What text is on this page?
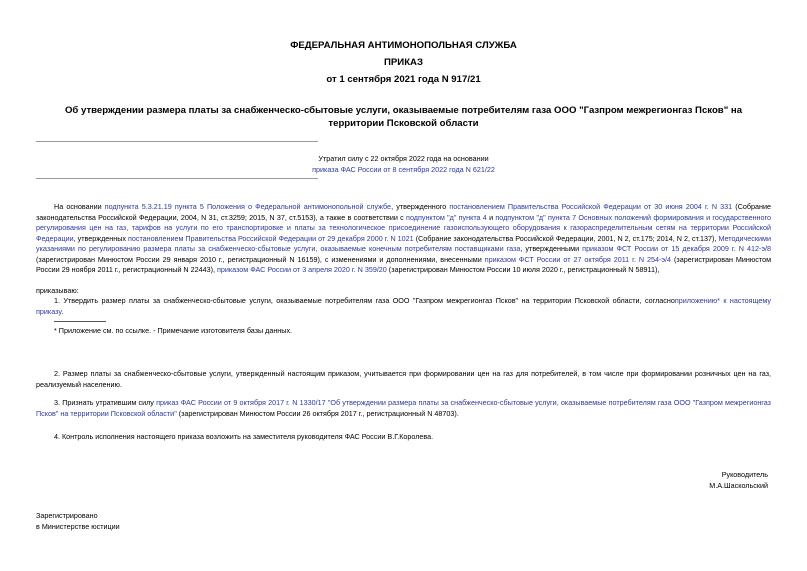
ФЕДЕРАЛЬНАЯ АНТИМОНОПОЛЬНАЯ СЛУЖБА
ПРИКАЗ
от 1 сентября 2021 года N 917/21
Об утверждении размера платы за снабженческо-сбытовые услуги, оказываемые потребителям газа ООО "Газпром межрегионгаз Псков" на территории Псковской области
Утратил силу с 22 октября 2022 года на основании
приказа ФАС России от 8 сентября 2022 года N 621/22
На основании подпункта 5.3.21.19 пункта 5 Положения о Федеральной антимонопольной службе, утвержденного постановлением Правительства Российской Федерации от 30 июня 2004 г. N 331 (Собрание законодательства Российской Федерации, 2004, N 31, ст.3259; 2015, N 37, ст.5153), а также в соответствии с подпунктом "д" пункта 4 и подпунктом "д" пункта 7 Основных положений формирования и государственного регулирования цен на газ, тарифов на услуги по его транспортировке и платы за технологическое присоединение газоиспользующего оборудования к газораспределительным сетям на территории Российской Федерации, утвержденных постановлением Правительства Российской Федерации от 29 декабря 2000 г. N 1021 (Собрание законодательства Российской Федерации, 2001, N 2, ст.175; 2014, N 2, ст.137), Методическими указаниями по регулированию размера платы за снабженческо-сбытовые услуги, оказываемые конечным потребителям поставщиками газа, утвержденными приказом ФСТ России от 15 декабря 2009 г. N 412-э/8 (зарегистрирован Минюстом России 29 января 2010 г., регистрационный N 16159), с изменениями и дополнениями, внесенными приказом ФСТ России от 27 октября 2011 г. N 254-э/4 (зарегистрирован Минюстом России 29 ноября 2011 г., регистрационный N 22443), приказом ФАС России от 3 апреля 2020 г. N 359/20 (зарегистрирован Минюстом России 10 июля 2020 г., регистрационный N 58911),
приказываю:
1. Утвердить размер платы за снабженческо-сбытовые услуги, оказываемые потребителям газа ООО "Газпром межрегионгаз Псков" на территории Псковской области, согласноприложению* к настоящему приказу.
* Приложение см. по ссылке. - Примечание изготовителя базы данных.
2. Размер платы за снабженческо-сбытовые услуги, утвержденный настоящим приказом, учитывается при формировании цен на газ для потребителей, в том числе при формировании розничных цен на газ, реализуемый населению.
3. Признать утратившим силу приказ ФАС России от 9 октября 2017 г. N 1330/17 "Об утверждении размера платы за снабженческо-сбытовые услуги, оказываемые потребителям газа ООО "Газпром межрегионгаз Псков" на территории Псковской области" (зарегистрирован Минюстом России 26 октября 2017 г., регистрационный N 48703).
4. Контроль исполнения настоящего приказа возложить на заместителя руководителя ФАС России В.Г.Королева.
Руководитель
М.А.Шаскольский
Зарегистрировано
в Министерстве юстиции
